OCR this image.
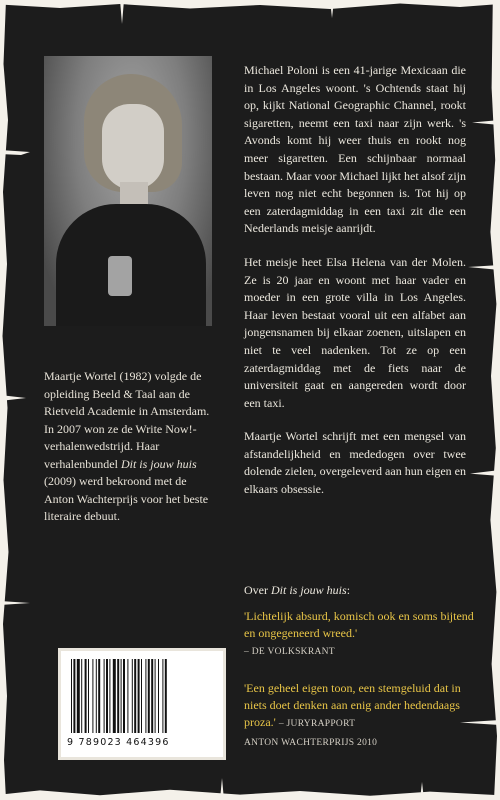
Michael Poloni is een 41-jarige Mexicaan die in Los Angeles woont. 's Ochtends staat hij op, kijkt National Geographic Channel, rookt sigaretten, neemt een taxi naar zijn werk. 's Avonds komt hij weer thuis en rookt nog meer sigaretten. Een schijnbaar normaal bestaan. Maar voor Michael lijkt het alsof zijn leven nog niet echt begonnen is. Tot hij op een zaterdagmiddag in een taxi zit die een Nederlands meisje aanrijdt.

Het meisje heet Elsa Helena van der Molen. Ze is 20 jaar en woont met haar vader en moeder in een grote villa in Los Angeles. Haar leven bestaat vooral uit een alfabet aan jongensnamen bij elkaar zoenen, uitslapen en niet te veel nadenken. Tot ze op een zaterdagmiddag met de fiets naar de universiteit gaat en aangereden wordt door een taxi.

Maartje Wortel schrijft met een mengsel van afstandelijkheid en mededogen over twee dolende zielen, overgeleverd aan hun eigen en elkaars obsessie.

Maartje Wortel (1982) volgde de opleiding Beeld & Taal aan de Rietveld Academie in Amsterdam. In 2007 won ze de Write Now!-verhalenwedstrijd. Haar verhalenbundel Dit is jouw huis (2009) werd bekroond met de Anton Wachterprijs voor het beste literaire debuut.
Over Dit is jouw huis:
'Lichtelijk absurd, komisch ook en soms bijtend en ongegeneerd wreed.'
– DE VOLKSKRANT
'Een geheel eigen toon, een stemgeluid dat in niets doet denken aan enig ander hedendaags proza.' – JURYRAPPORT
ANTON WACHTERPRIJS 2010
9 789023 464396
